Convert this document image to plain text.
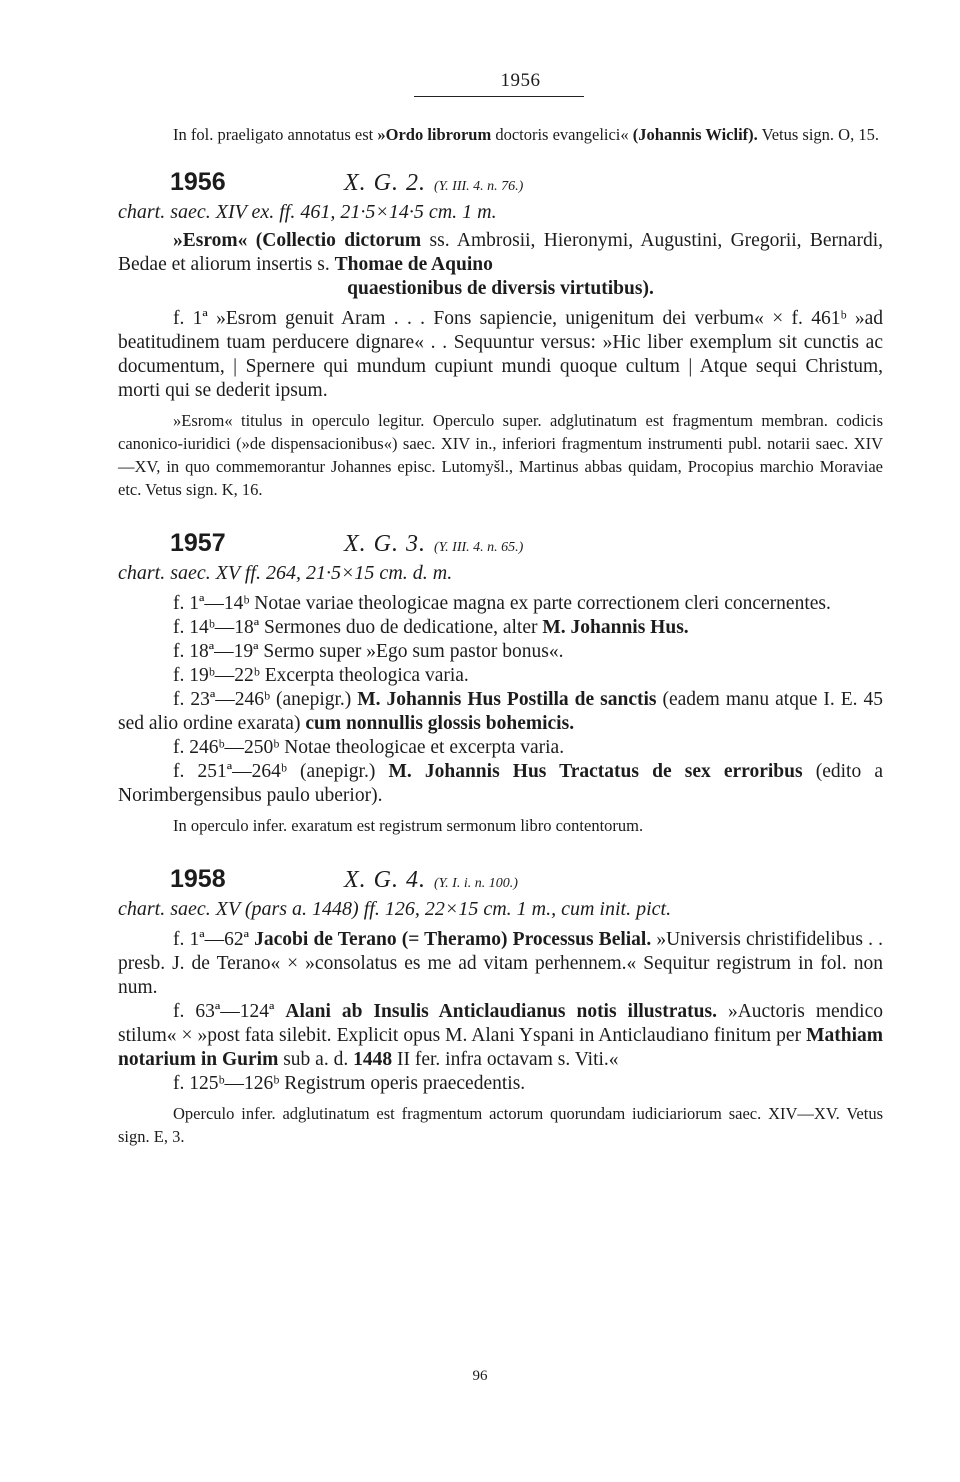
1956

In fol. praeligato annotatus est »Ordo librorum doctoris evangelici« (Johannis Wiclif). Vetus sign. O, 15.

1956	X. G. 2. (Y. III. 4. n. 76.)

chart. saec. XIV ex. ff. 461, 21·5×14·5 cm. 1 m.

»Esrom« (Collectio dictorum ss. Ambrosii, Hieronymi, Augustini, Gregorii, Bernardi, Bedae et aliorum insertis s. Thomae de Aquino

quaestionibus de diversis virtutibus).

f. 1ª »Esrom genuit Aram . . . Fons sapiencie, unigenitum dei verbum« × f. 461ᵇ »ad beatitudinem tuam perducere dignare« . . Sequuntur versus: »Hic liber exemplum sit cunctis ac documentum, | Spernere qui mundum cupiunt mundi quoque cultum | Atque sequi Christum, morti qui se dederit ipsum.

»Esrom« titulus in operculo legitur. Operculo super. adglutinatum est fragmentum membran. codicis canonico-iuridici (»de dispensacionibus«) saec. XIV in., inferiori fragmentum instrumenti publ. notarii saec. XIV—XV, in quo commemorantur Johannes episc. Lutomyšl., Martinus abbas quidam, Procopius marchio Moraviae etc. Vetus sign. K, 16.

1957	X. G. 3. (Y. III. 4. n. 65.)

chart. saec. XV ff. 264, 21·5×15 cm. d. m.

f. 1ª—14ᵇ Notae variae theologicae magna ex parte correctionem cleri concernentes.

f. 14ᵇ—18ª Sermones duo de dedicatione, alter M. Johannis Hus.

f. 18ª—19ª Sermo super »Ego sum pastor bonus«.

f. 19ᵇ—22ᵇ Excerpta theologica varia.

f. 23ª—246ᵇ (anepigr.) M. Johannis Hus Postilla de sanctis (eadem manu atque I. E. 45 sed alio ordine exarata) cum nonnullis glossis bohemicis.

f. 246ᵇ—250ᵇ Notae theologicae et excerpta varia.

f. 251ª—264ᵇ (anepigr.) M. Johannis Hus Tractatus de sex erroribus (edito a Norimbergensibus paulo uberior).

In operculo infer. exaratum est registrum sermonum libro contentorum.

1958	X. G. 4. (Y. I. i. n. 100.)

chart. saec. XV (pars a. 1448) ff. 126, 22×15 cm. 1 m., cum init. pict.

f. 1ª—62ª Jacobi de Terano (= Theramo) Processus Belial. »Universis christifidelibus . . presb. J. de Terano« × »consolatus es me ad vitam perhennem.« Sequitur registrum in fol. non num.

f. 63ª—124ª Alani ab Insulis Anticlaudianus notis illustratus. »Auctoris mendico stilum« × »post fata silebit. Explicit opus M. Alani Yspani in Anticlaudiano finitum per Mathiam notarium in Gurim sub a. d. 1448 II fer. infra octavam s. Viti.«

f. 125ᵇ—126ᵇ Registrum operis praecedentis.

Operculo infer. adglutinatum est fragmentum actorum quorundam iudiciariorum saec. XIV—XV. Vetus sign. E, 3.

96
